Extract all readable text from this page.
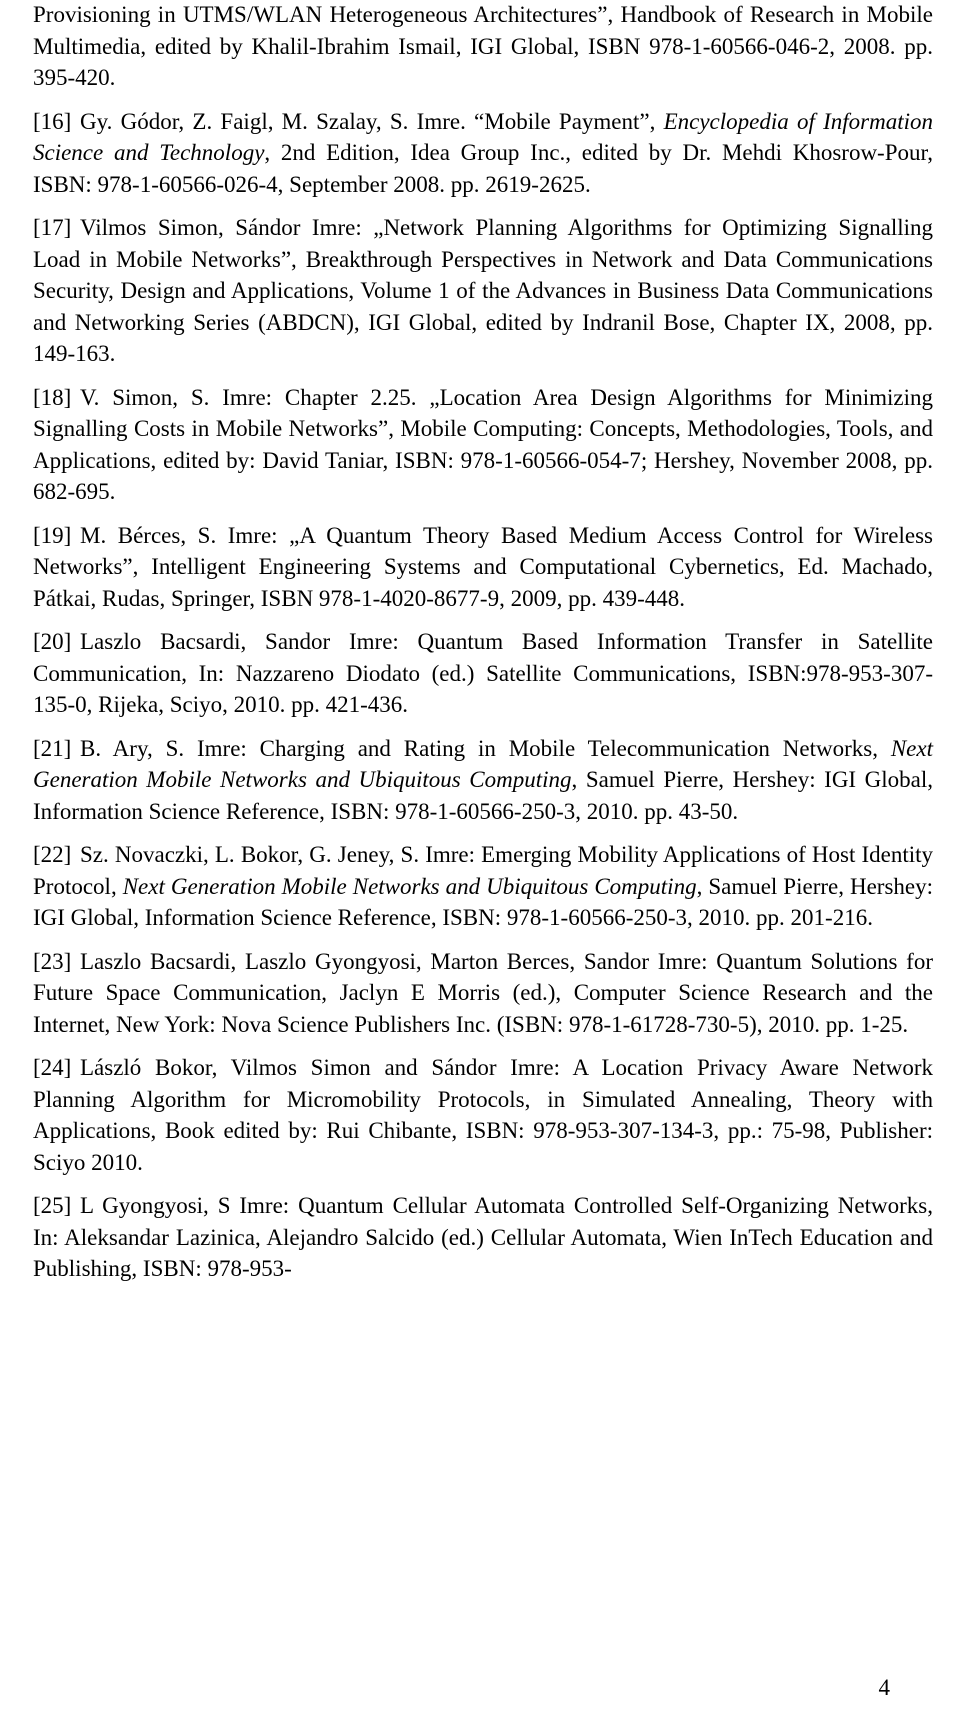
Provisioning in UTMS/WLAN Heterogeneous Architectures”, Handbook of Research in Mobile Multimedia, edited by Khalil-Ibrahim Ismail, IGI Global, ISBN 978-1-60566-046-2, 2008. pp. 395-420.

[16] Gy. Gódor, Z. Faigl, M. Szalay, S. Imre. “Mobile Payment”, Encyclopedia of Information Science and Technology, 2nd Edition, Idea Group Inc., edited by Dr. Mehdi Khosrow-Pour, ISBN: 978-1-60566-026-4, September 2008. pp. 2619-2625.

[17] Vilmos Simon, Sándor Imre: „Network Planning Algorithms for Optimizing Signalling Load in Mobile Networks”, Breakthrough Perspectives in Network and Data Communications Security, Design and Applications, Volume 1 of the Advances in Business Data Communications and Networking Series (ABDCN), IGI Global, edited by Indranil Bose, Chapter IX, 2008, pp. 149-163.

[18] V. Simon, S. Imre: Chapter 2.25. „Location Area Design Algorithms for Minimizing Signalling Costs in Mobile Networks”, Mobile Computing: Concepts, Methodologies, Tools, and Applications, edited by: David Taniar, ISBN: 978-1-60566-054-7; Hershey, November 2008, pp. 682-695.

[19] M. Bérces, S. Imre: „A Quantum Theory Based Medium Access Control for Wireless Networks”, Intelligent Engineering Systems and Computational Cybernetics, Ed. Machado, Pátkai, Rudas, Springer, ISBN 978-1-4020-8677-9, 2009, pp. 439-448.

[20] Laszlo Bacsardi, Sandor Imre: Quantum Based Information Transfer in Satellite Communication, In: Nazzareno Diodato (ed.) Satellite Communications, ISBN:978-953-307-135-0, Rijeka, Sciyo, 2010. pp. 421-436.

[21] B. Ary, S. Imre: Charging and Rating in Mobile Telecommunication Networks, Next Generation Mobile Networks and Ubiquitous Computing, Samuel Pierre, Hershey: IGI Global, Information Science Reference, ISBN: 978-1-60566-250-3, 2010. pp. 43-50.

[22] Sz. Novaczki, L. Bokor, G. Jeney, S. Imre: Emerging Mobility Applications of Host Identity Protocol, Next Generation Mobile Networks and Ubiquitous Computing, Samuel Pierre, Hershey: IGI Global, Information Science Reference, ISBN: 978-1-60566-250-3, 2010. pp. 201-216.

[23] Laszlo Bacsardi, Laszlo Gyongyosi, Marton Berces, Sandor Imre: Quantum Solutions for Future Space Communication, Jaclyn E Morris (ed.), Computer Science Research and the Internet, New York: Nova Science Publishers Inc. (ISBN: 978-1-61728-730-5), 2010. pp. 1-25.

[24] László Bokor, Vilmos Simon and Sándor Imre: A Location Privacy Aware Network Planning Algorithm for Micromobility Protocols, in Simulated Annealing, Theory with Applications, Book edited by: Rui Chibante, ISBN: 978-953-307-134-3, pp.: 75-98, Publisher: Sciyo 2010.

[25] L Gyongyosi, S Imre: Quantum Cellular Automata Controlled Self-Organizing Networks, In: Aleksandar Lazinica, Alejandro Salcido (ed.) Cellular Automata, Wien InTech Education and Publishing, ISBN: 978-953-

4
